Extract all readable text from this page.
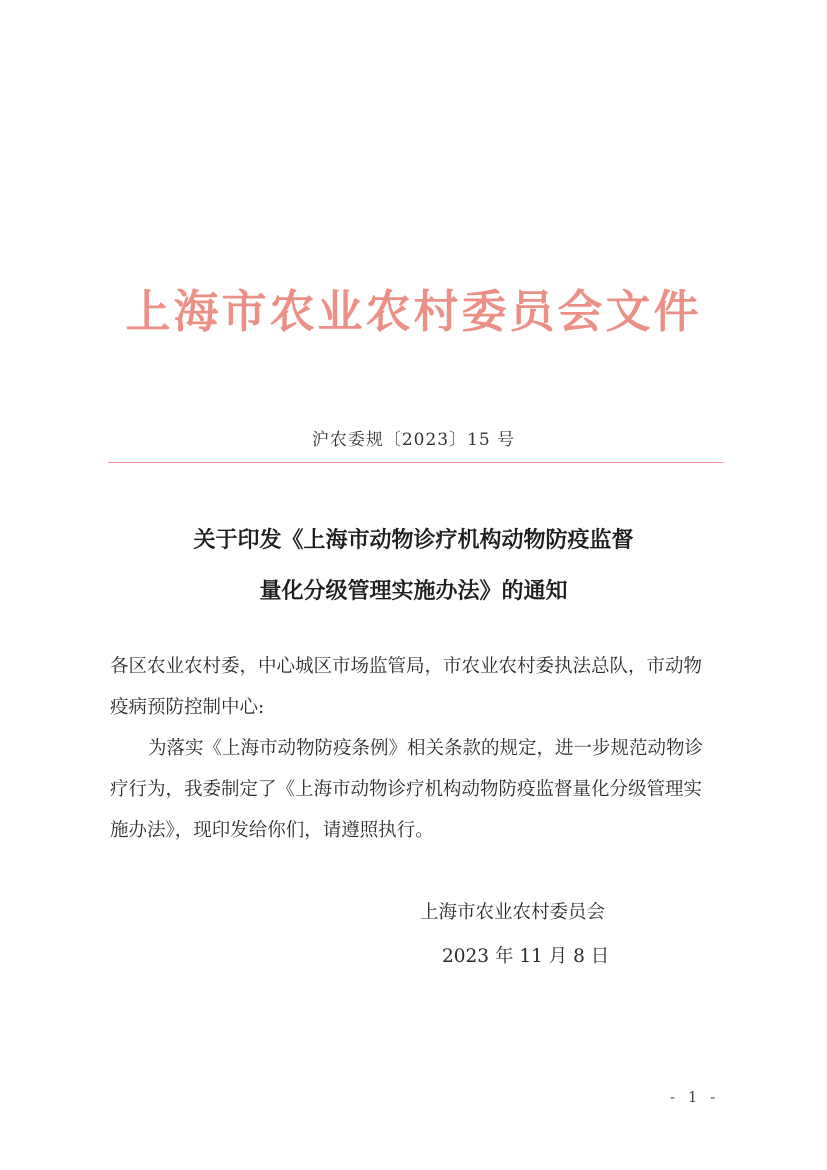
上海市农业农村委员会文件
沪农委规〔2023〕15 号
关于印发《上海市动物诊疗机构动物防疫监督
量化分级管理实施办法》的通知

各区农业农村委，中心城区市场监管局，市农业农村委执法总队，市动物疫病预防控制中心:

为落实《上海市动物防疫条例》相关条款的规定，进一步规范动物诊疗行为，我委制定了《上海市动物诊疗机构动物防疫监督量化分级管理实施办法》，现印发给你们，请遵照执行。

上海市农业农村委员会
2023 年 11 月 8 日
- 1 -
